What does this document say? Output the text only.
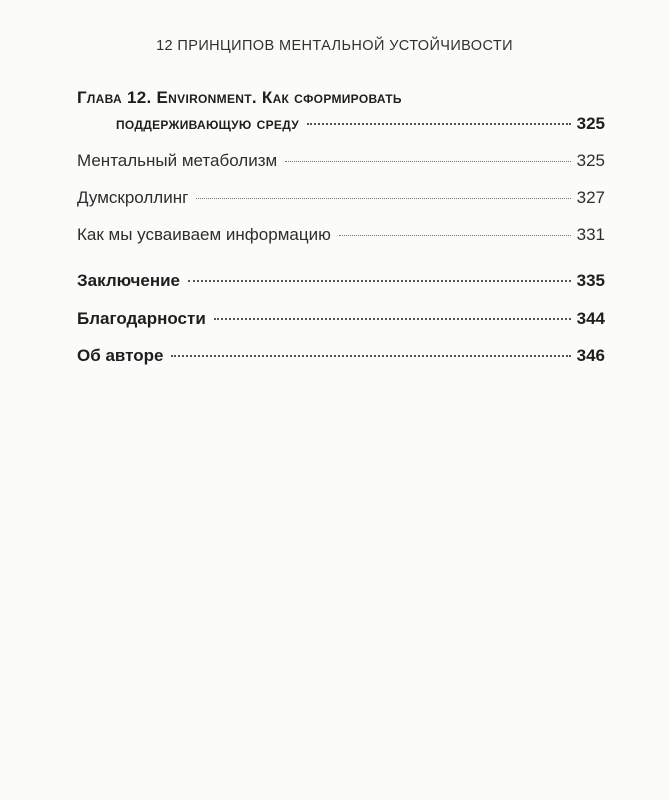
12 ПРИНЦИПОВ МЕНТАЛЬНОЙ УСТОЙЧИВОСТИ
Глава 12. Environment. Как сформировать
поддерживающую среду	325
Ментальный метаболизм	325
Думскроллинг	327
Как мы усваиваем информацию	331
Заключение	335
Благодарности	344
Об авторе	346
